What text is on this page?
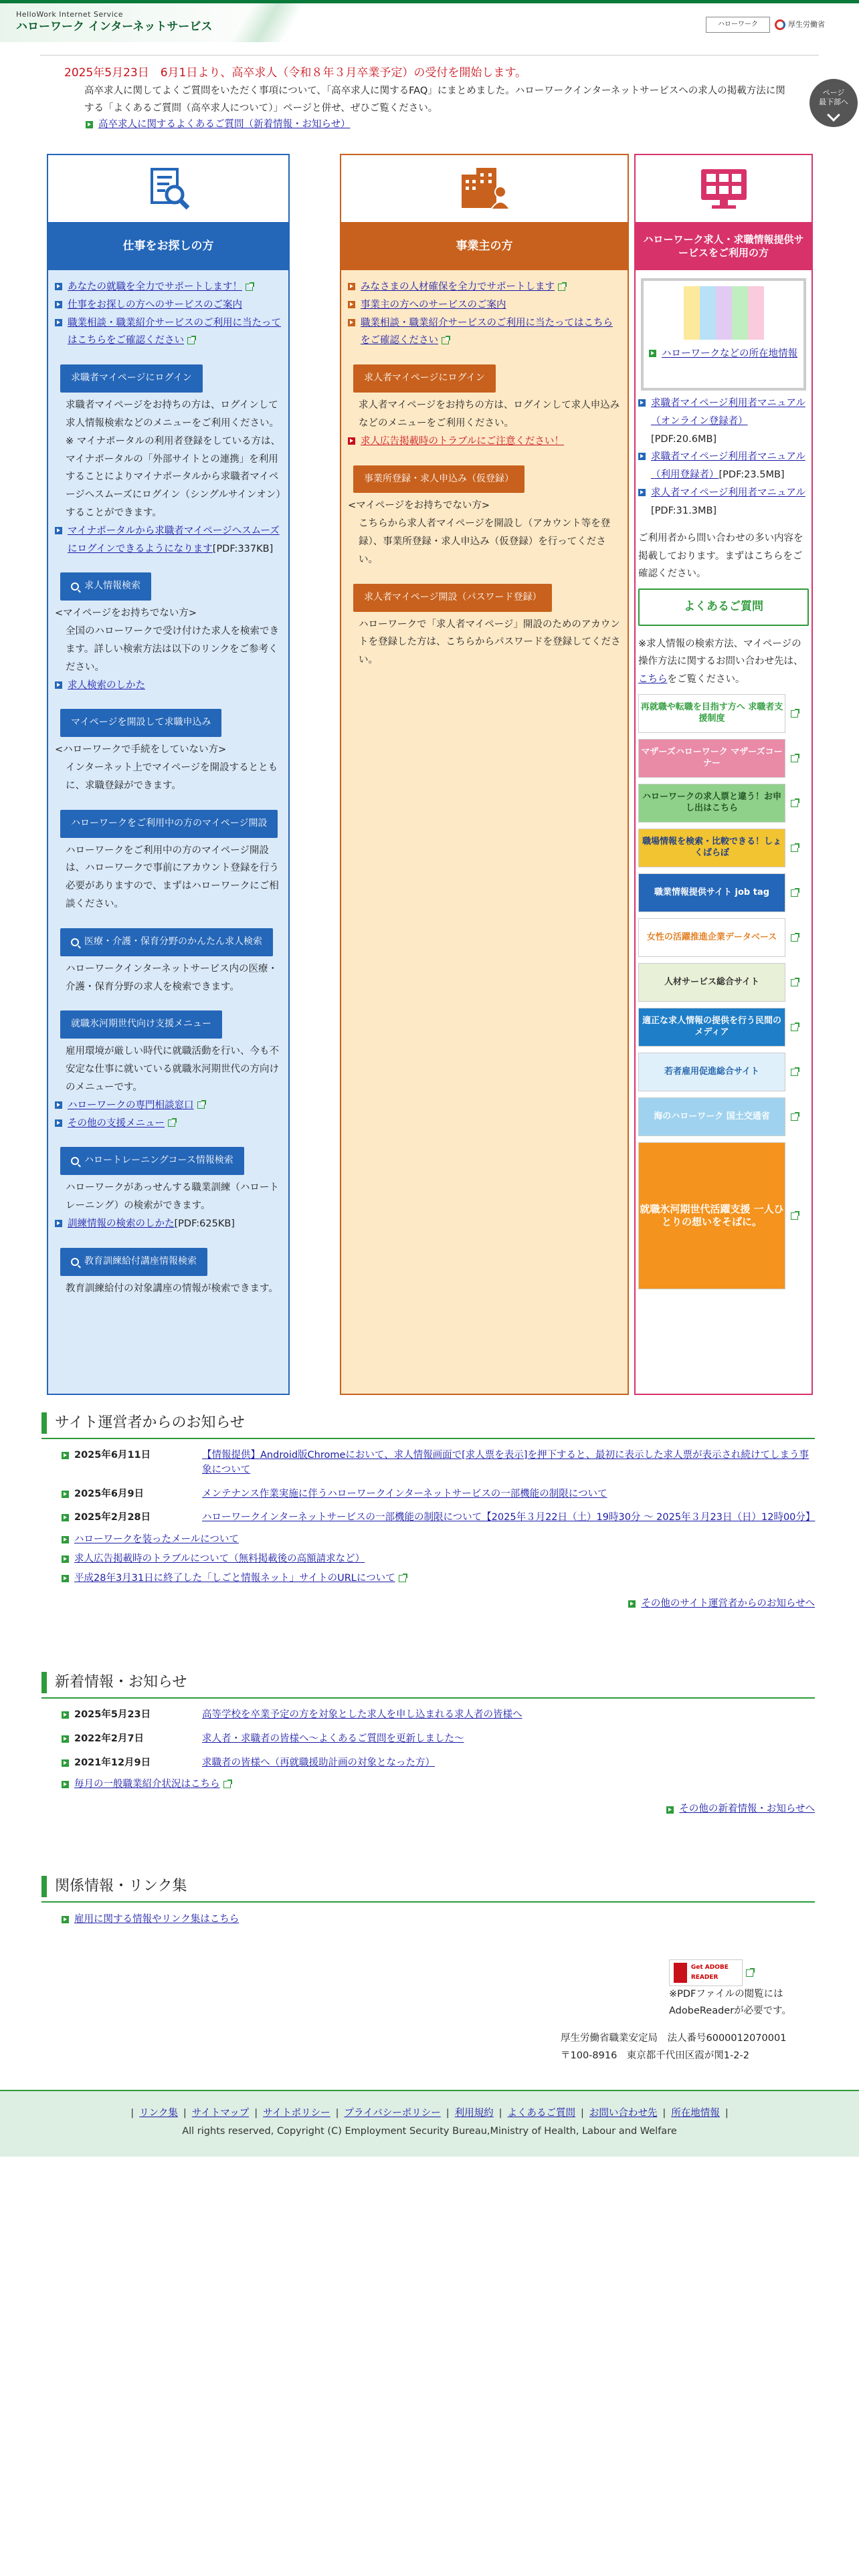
HelloWork Internet Service
ハローワーク インターネットサービス	ハローワーク	厚生労働省
2025年5月23日　6月1日より、高卒求人（令和８年３月卒業予定）の受付を開始します。
高卒求人に関してよくご質問をいただく事項について、「高卒求人に関するFAQ」にまとめました。ハローワークインターネットサービスへの求人の掲載方法に関する「よくあるご質問（高卒求人について）」ページと併せ、ぜひご覧ください。
高卒求人に関するよくあるご質問（新着情報・お知らせ）
ページ
最下部へ
仕事をお探しの方
あなたの就職を全力でサポートします！
仕事をお探しの方へのサービスのご案内
職業相談・職業紹介サービスのご利用に当たってはこちらをご確認ください
求職者マイページにログイン
求職者マイページをお持ちの方は、ログインして求人情報検索などのメニューをご利用ください。
※ マイナポータルの利用者登録をしている方は、マイナポータルの「外部サイトとの連携」を利用することによりマイナポータルから求職者マイページへスムーズにログイン（シングルサインオン）することができます。
マイナポータルから求職者マイページへスムーズにログインできるようになります[PDF:337KB]
求人情報検索
<マイページをお持ちでない方>
全国のハローワークで受け付けた求人を検索できます。詳しい検索方法は以下のリンクをご参考ください。
求人検索のしかた
マイページを開設して求職申込み
<ハローワークで手続をしていない方>
インターネット上でマイページを開設するとともに、求職登録ができます。
ハローワークをご利用中の方のマイページ開設
ハローワークをご利用中の方のマイページ開設は、ハローワークで事前にアカウント登録を行う必要がありますので、まずはハローワークにご相談ください。
医療・介護・保育分野のかんたん求人検索
ハローワークインターネットサービス内の医療・介護・保育分野の求人を検索できます。
就職氷河期世代向け支援メニュー
雇用環境が厳しい時代に就職活動を行い、今も不安定な仕事に就いている就職氷河期世代の方向けのメニューです。
ハローワークの専門相談窓口
その他の支援メニュー
ハロートレーニングコース情報検索
ハローワークがあっせんする職業訓練（ハロートレーニング）の検索ができます。
訓練情報の検索のしかた[PDF:625KB]
教育訓練給付講座情報検索
教育訓練給付の対象講座の情報が検索できます。
事業主の方
みなさまの人材確保を全力でサポートします
事業主の方へのサービスのご案内
職業相談・職業紹介サービスのご利用に当たってはこちらをご確認ください
求人者マイページにログイン
求人者マイページをお持ちの方は、ログインして求人申込みなどのメニューをご利用ください。
求人広告掲載時のトラブルにご注意ください！
事業所登録・求人申込み（仮登録）
<マイページをお持ちでない方>
こちらから求人者マイページを開設し（アカウント等を登録）、事業所登録・求人申込み（仮登録）を行ってください。
求人者マイページ開設（パスワード登録）
ハローワークで「求人者マイページ」開設のためのアカウントを登録した方は、こちらからパスワードを登録してください。
ハローワーク求人・求職情報提供サービスをご利用の方
ハローワークなどの所在地情報
求職者マイページ利用者マニュアル（オンライン登録者）[PDF:20.6MB]
求職者マイページ利用者マニュアル（利用登録者）[PDF:23.5MB]
求人者マイページ利用者マニュアル[PDF:31.3MB]
ご利用者から問い合わせの多い内容を掲載しております。まずはこちらをご確認ください。
よくあるご質問
※求人情報の検索方法、マイページの操作方法に関するお問い合わせ先は、こちらをご覧ください。
再就職や転職を目指す方へ 求職者支援制度
マザーズハローワーク マザーズコーナー
ハローワークの求人票と違う！お申し出はこちら
職場情報を検索・比較できる！しょくばらぼ
職業情報提供サイト job tag
女性の活躍推進企業データベース
人材サービス総合サイト
適正な求人情報の提供を行う民間のメディア
若者雇用促進総合サイト
海のハローワーク 国土交通省
就職氷河期世代活躍支援 一人ひとりの想いをそばに。
サイト運営者からのお知らせ
2025年6月11日	【情報提供】Android版Chromeにおいて、求人情報画面で[求人票を表示]を押下すると、最初に表示した求人票が表示され続けてしまう事象について
2025年6月9日	メンテナンス作業実施に伴うハローワークインターネットサービスの一部機能の制限について
2025年2月28日	ハローワークインターネットサービスの一部機能の制限について【2025年３月22日（土）19時30分 ～ 2025年３月23日（日）12時00分】
ハローワークを装ったメールについて
求人広告掲載時のトラブルについて（無料掲載後の高額請求など）
平成28年3月31日に終了した「しごと情報ネット」サイトのURLについて
その他のサイト運営者からのお知らせへ
新着情報・お知らせ
2025年5月23日	高等学校を卒業予定の方を対象とした求人を申し込まれる求人者の皆様へ
2022年2月7日	求人者・求職者の皆様へ～よくあるご質問を更新しました～
2021年12月9日	求職者の皆様へ（再就職援助計画の対象となった方）
毎月の一般職業紹介状況はこちら
その他の新着情報・お知らせへ
関係情報・リンク集
雇用に関する情報やリンク集はこちら
Get ADOBE READER
※PDFファイルの閲覧には
AdobeReaderが必要です。
厚生労働省職業安定局　法人番号6000012070001
〒100-8916　東京都千代田区霞が関1-2-2
| リンク集 | サイトマップ | サイトポリシー | プライバシーポリシー | 利用規約 | よくあるご質問 | お問い合わせ先 | 所在地情報 |
All rights reserved, Copyright (C) Employment Security Bureau,Ministry of Health, Labour and Welfare
